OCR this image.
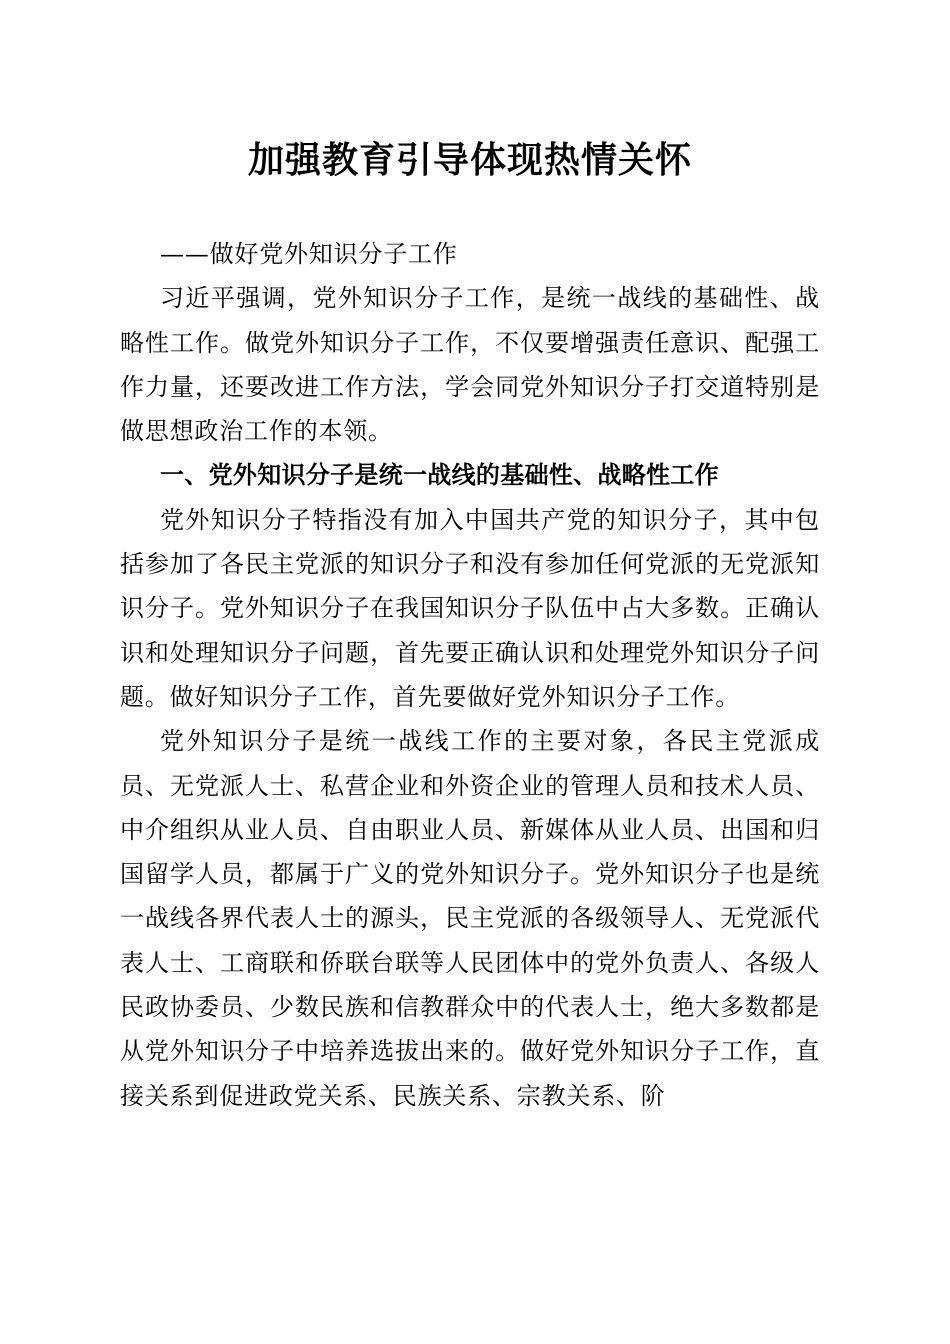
加强教育引导体现热情关怀

——做好党外知识分子工作

习近平强调，党外知识分子工作，是统一战线的基础性、战略性工作。做党外知识分子工作，不仅要增强责任意识、配强工作力量，还要改进工作方法，学会同党外知识分子打交道特别是做思想政治工作的本领。

一、党外知识分子是统一战线的基础性、战略性工作

党外知识分子特指没有加入中国共产党的知识分子，其中包括参加了各民主党派的知识分子和没有参加任何党派的无党派知识分子。党外知识分子在我国知识分子队伍中占大多数。正确认识和处理知识分子问题，首先要正确认识和处理党外知识分子问题。做好知识分子工作，首先要做好党外知识分子工作。

党外知识分子是统一战线工作的主要对象，各民主党派成员、无党派人士、私营企业和外资企业的管理人员和技术人员、中介组织从业人员、自由职业人员、新媒体从业人员、出国和归国留学人员，都属于广义的党外知识分子。党外知识分子也是统一战线各界代表人士的源头，民主党派的各级领导人、无党派代表人士、工商联和侨联台联等人民团体中的党外负责人、各级人民政协委员、少数民族和信教群众中的代表人士，绝大多数都是从党外知识分子中培养选拔出来的。做好党外知识分子工作，直接关系到促进政党关系、民族关系、宗教关系、阶
